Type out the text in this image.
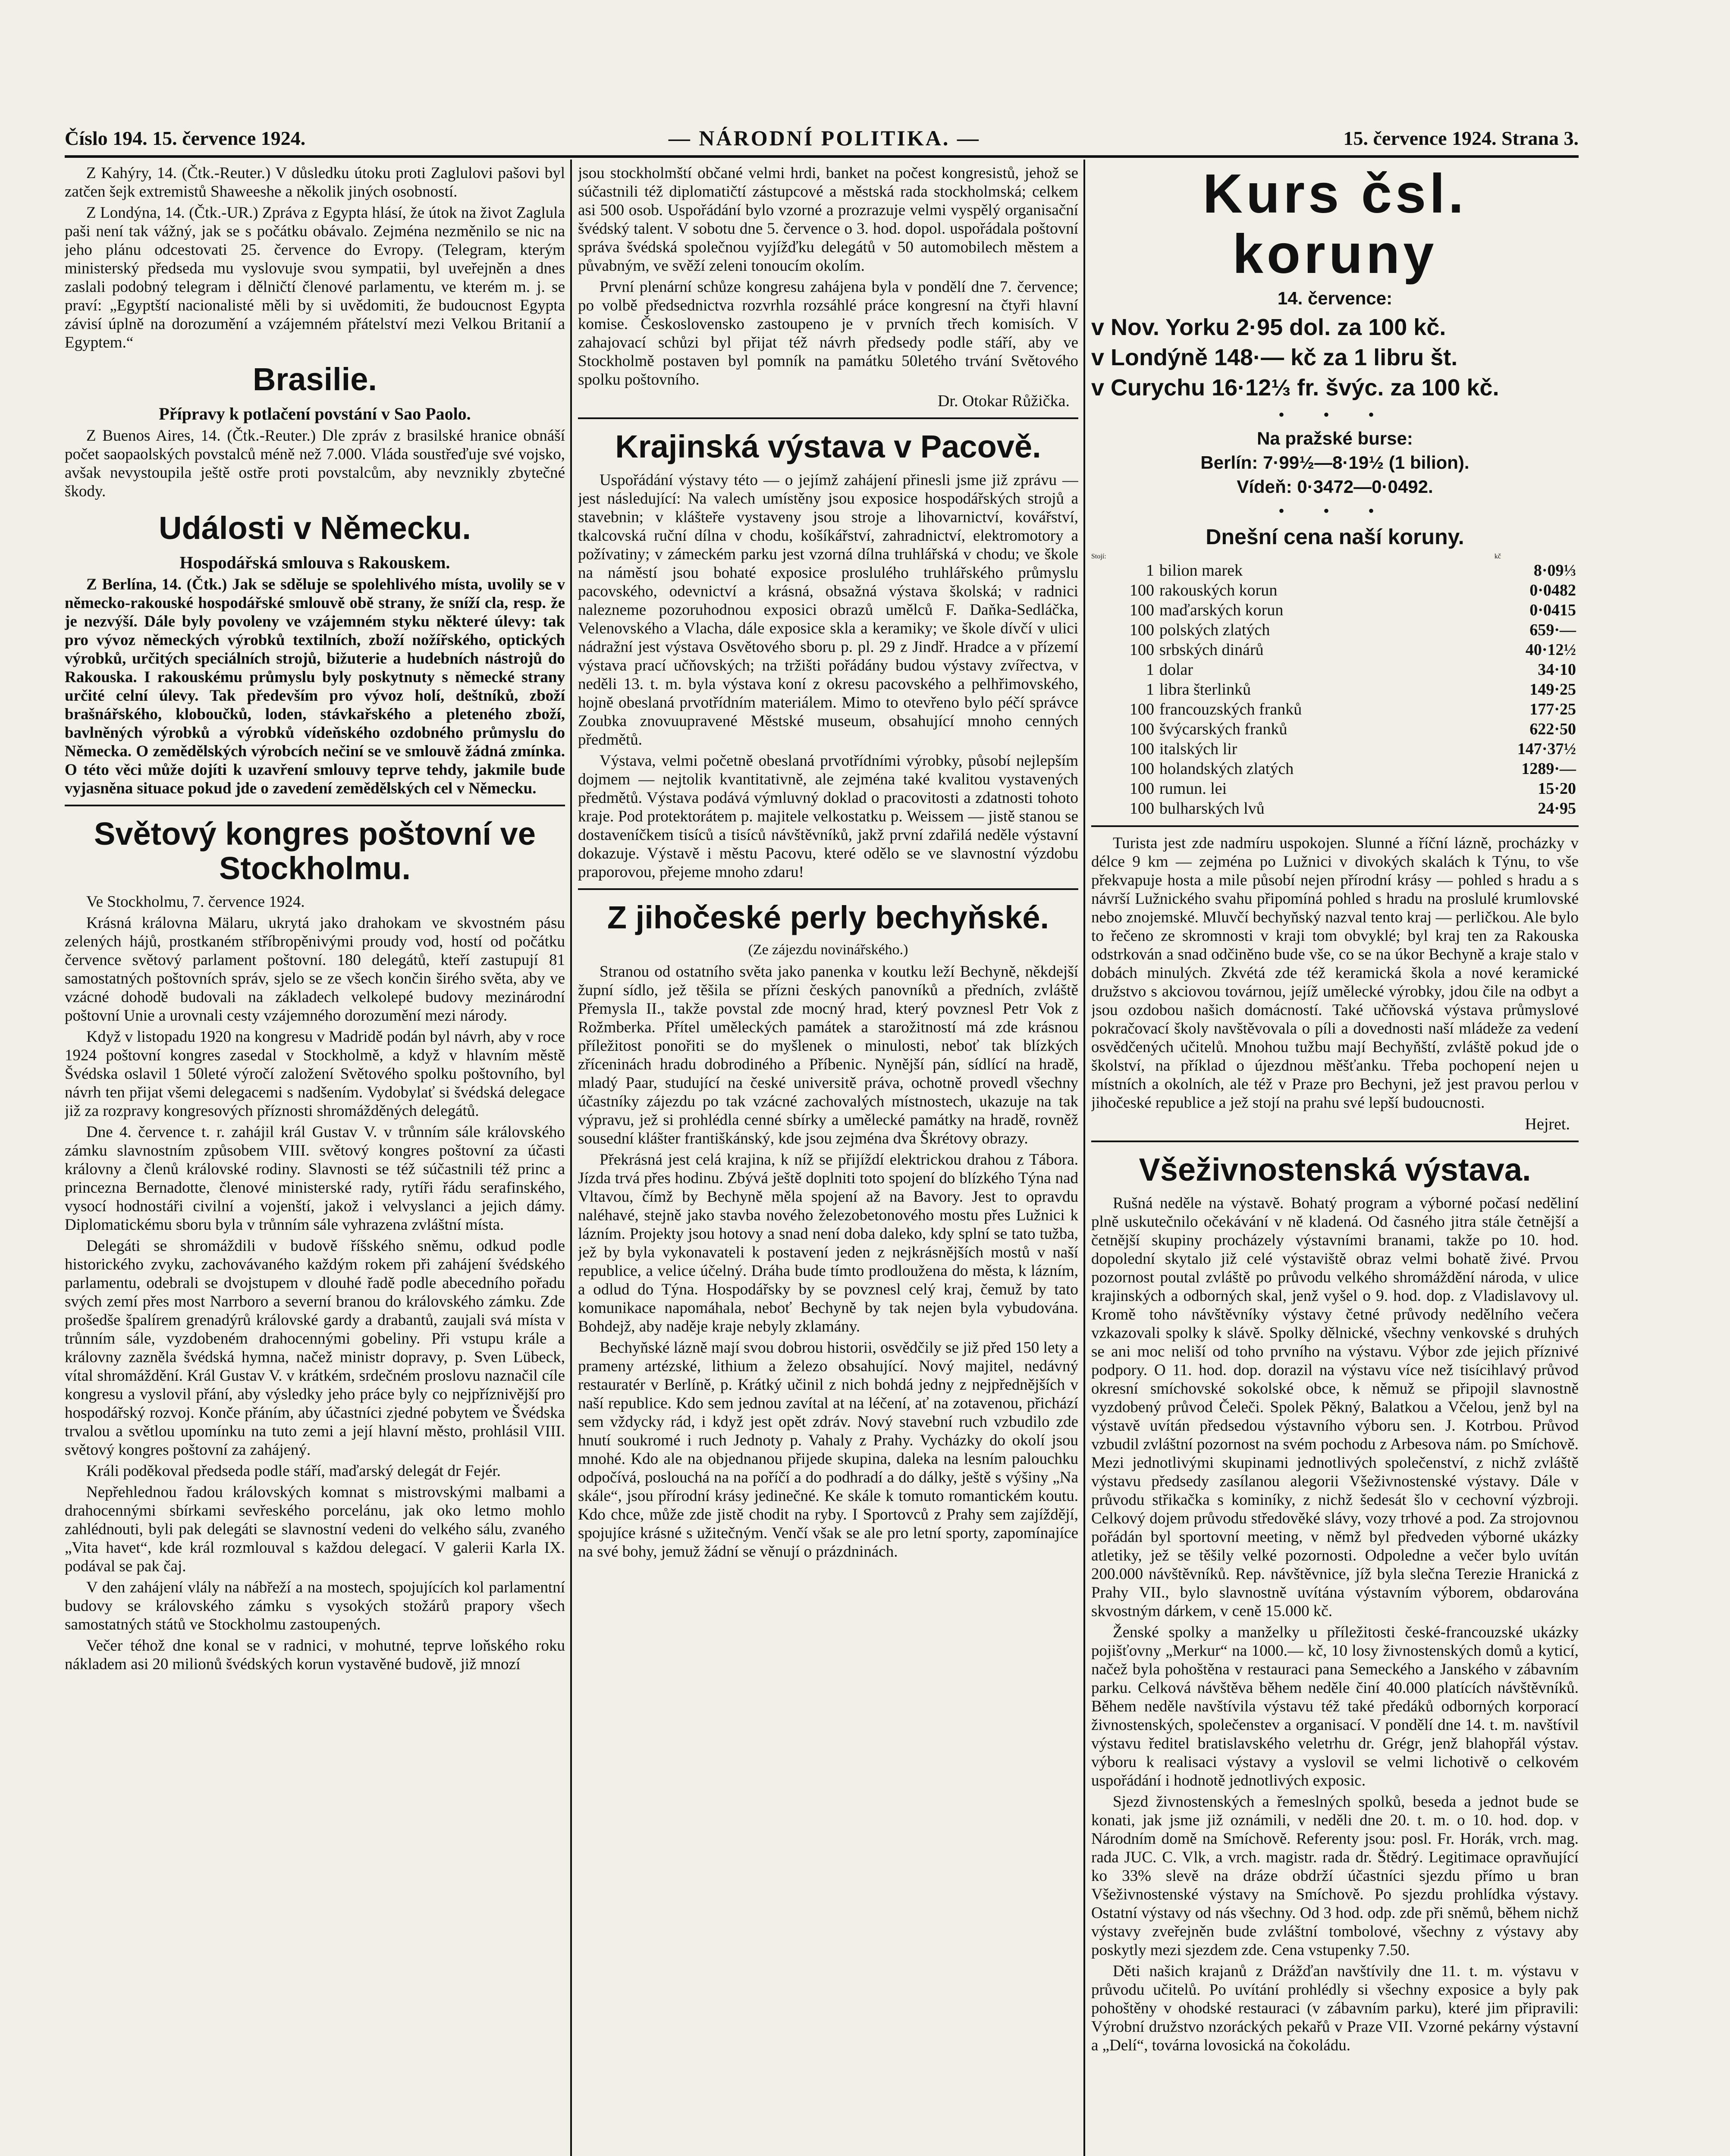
Číslo 194. 15. července 1924.	— NÁRODNÍ POLITIKA. —	15. července 1924. Strana 3.

Z Kahýry, 14. (Čtk.-Reuter.) V důsledku útoku proti Zaglulovi pašovi byl zatčen šejk extremistů Shaweeshe a několik jiných osobností.

Z Londýna, 14. (Čtk.-UR.) Zpráva z Egypta hlásí, že útok na život Zaglula paši není tak vážný, jak se s počátku obávalo. Zejména nezměnilo se nic na jeho plánu odcestovati 25. července do Evropy. (Telegram, kterým ministerský předseda mu vyslovuje svou sympatii, byl uveřejněn a dnes zaslali podobný telegram i dělničtí členové parlamentu, ve kterém m. j. se praví: „Egyptští nacionalisté měli by si uvědomiti, že budoucnost Egypta závisí úplně na dorozumění a vzájemném přátelství mezi Velkou Britanií a Egyptem.“

Brasilie.
Přípravy k potlačení povstání v Sao Paolo.

Z Buenos Aires, 14. (Čtk.-Reuter.) Dle zpráv z brasilské hranice obnáší počet saopaolských povstalců méně než 7.000. Vláda soustřeďuje své vojsko, avšak nevystoupila ještě ostře proti povstalcům, aby nevznikly zbytečné škody.

Události v Německu.
Hospodářská smlouva s Rakouskem.

Z Berlína, 14. (Čtk.) Jak se sděluje se spolehlivého místa, uvolily se v německo-rakouské hospodářské smlouvě obě strany, že sníží cla, resp. že je nezvýší. Dále byly povoleny ve vzájemném styku některé úlevy: tak pro vývoz německých výrobků textilních, zboží nožířského, optických výrobků, určitých speciálních strojů, bižuterie a hudebních nástrojů do Rakouska. I rakouskému průmyslu byly poskytnuty s německé strany určité celní úlevy. Tak především pro vývoz holí, deštníků, zboží brašnářského, kloboučků, loden, stávkařského a pleteného zboží, bavlněných výrobků a výrobků vídeňského ozdobného průmyslu do Německa. O zemědělských výrobcích nečiní se ve smlouvě žádná zmínka. O této věci může dojíti k uzavření smlouvy teprve tehdy, jakmile bude vyjasněna situace pokud jde o zavedení zemědělských cel v Německu.

Světový kongres poštovní ve Stockholmu.

Ve Stockholmu, 7. července 1924.

Krásná královna Mälaru, ukrytá jako drahokam ve skvostném pásu zelených hájů, prostkaném stříbropěnivými proudy vod, hostí od počátku července světový parlament poštovní. 180 delegátů, kteří zastupují 81 samostatných poštovních správ, sjelo se ze všech končin širého světa, aby ve vzácné dohodě budovali na základech velkolepé budovy mezinárodní poštovní Unie a urovnali cesty vzájemného dorozumění mezi národy.

Když v listopadu 1920 na kongresu v Madridě podán byl návrh, aby v roce 1924 poštovní kongres zasedal v Stockholmě, a když v hlavním městě Švédska oslavil 1 50leté výročí založení Světového spolku poštovního, byl návrh ten přijat všemi delegacemi s nadšením. Vydobylať si švédská delegace již za rozpravy kongresových příznosti shromážděných delegátů.

Dne 4. července t. r. zahájil král Gustav V. v trůnním sále královského zámku slavnostním způsobem VIII. světový kongres poštovní za účasti královny a členů královské rodiny. Slavnosti se též súčastnili též princ a princezna Bernadotte, členové ministerské rady, rytíři řádu serafinského, vysocí hodnostáři civilní a vojenští, jakož i velvyslanci a jejich dámy. Diplomatickému sboru byla v trůnním sále vyhrazena zvláštní místa.

Delegáti se shromáždili v budově říšského sněmu, odkud podle historického zvyku, zachovávaného každým rokem při zahájení švédského parlamentu, odebrali se dvojstupem v dlouhé řadě podle abecedního pořadu svých zemí přes most Narrboro a severní branou do královského zámku. Zde prošedše špalírem grenadýrů královské gardy a drabantů, zaujali svá místa v trůnním sále, vyzdobeném drahocennými gobeliny. Při vstupu krále a královny zazněla švédská hymna, načež ministr dopravy, p. Sven Lübeck, vítal shromáždění. Král Gustav V. v krátkém, srdečném proslovu naznačil cíle kongresu a vyslovil přání, aby výsledky jeho práce byly co nejpříznivější pro hospodářský rozvoj. Konče přáním, aby účastníci zjedné pobytem ve Švédska trvalou a světlou upomínku na tuto zemi a její hlavní město, prohlásil VIII. světový kongres poštovní za zahájený.

Králi poděkoval předseda podle stáří, maďarský delegát dr Fejér.

Nepřehlednou řadou královských komnat s mistrovskými malbami a drahocennými sbírkami sevřeského porcelánu, jak oko letmo mohlo zahlédnouti, byli pak delegáti se slavnostní vedeni do velkého sálu, zvaného „Vita havet“, kde král rozmlouval s každou delegací. V galerii Karla IX. podával se pak čaj.

V den zahájení vlály na nábřeží a na mostech, spojujících kol parlamentní budovy se královského zámku s vysokých stožárů prapory všech samostatných států ve Stockholmu zastoupených.

Večer téhož dne konal se v radnici, v mohutné, teprve loňského roku nákladem asi 20 milionů švédských korun vystavěné budově, již mnozí

jsou stockholmští občané velmi hrdi, banket na počest kongresistů, jehož se súčastnili též diplomatičtí zástupcové a městská rada stockholmská; celkem asi 500 osob. Uspořádání bylo vzorné a prozrazuje velmi vyspělý organisační švédský talent. V sobotu dne 5. července o 3. hod. dopol. uspořádala poštovní správa švédská společnou vyjížďku delegátů v 50 automobilech městem a půvabným, ve svěží zeleni tonoucím okolím.

První plenární schůze kongresu zahájena byla v pondělí dne 7. července; po volbě předsednictva rozvrhla rozsáhlé práce kongresní na čtyři hlavní komise. Československo zastoupeno je v prvních třech komisích. V zahajovací schůzi byl přijat též návrh předsedy podle stáří, aby ve Stockholmě postaven byl pomník na památku 50letého trvání Světového spolku poštovního.

Dr. Otokar Růžička.
Krajinská výstava v Pacově.

Uspořádání výstavy této — o jejímž zahájení přinesli jsme již zprávu — jest následující: Na valech umístěny jsou exposice hospodářských strojů a stavebnin; v klášteře vystaveny jsou stroje a lihovarnictví, kovářství, tkalcovská ruční dílna v chodu, košíkářství, zahradnictví, elektromotory a požívatiny; v zámeckém parku jest vzorná dílna truhlářská v chodu; ve škole na náměstí jsou bohaté exposice proslulého truhlářského průmyslu pacovského, odevnictví a krásná, obsažná výstava školská; v radnici nalezneme pozoruhodnou exposici obrazů umělců F. Daňka-Sedláčka, Velenovského a Vlacha, dále exposice skla a keramiky; ve škole dívčí v ulici nádražní jest výstava Osvětového sboru p. pl. 29 z Jindř. Hradce a v přízemí výstava prací učňovských; na tržišti pořádány budou výstavy zvířectva, v neděli 13. t. m. byla výstava koní z okresu pacovského a pelhřimovského, hojně obeslaná prvotřídním materiálem. Mimo to otevřeno bylo péčí správce Zoubka znovuupravené Městské museum, obsahující mnoho cenných předmětů.

Výstava, velmi početně obeslaná prvotřídními výrobky, působí nejlepším dojmem — nejtolik kvantitativně, ale zejména také kvalitou vystavených předmětů. Výstava podává výmluvný doklad o pracovitosti a zdatnosti tohoto kraje. Pod protektorátem p. majitele velkostatku p. Weissem — jistě stanou se dostaveníčkem tisíců a tisíců návštěvníků, jakž první zdařilá neděle výstavní dokazuje. Výstavě i městu Pacovu, které odělo se ve slavnostní výzdobu praporovou, přejeme mnoho zdaru!

Z jihočeské perly bechyňské.
(Ze zájezdu novinářského.)

Stranou od ostatního světa jako panenka v koutku leží Bechyně, někdejší župní sídlo, jež těšila se přízni českých panovníků a předních, zvláště Přemysla II., takže povstal zde mocný hrad, který povznesl Petr Vok z Rožmberka. Přítel uměleckých památek a starožitností má zde krásnou příležitost ponořiti se do myšlenek o minulosti, neboť tak blízkých zříceninách hradu dobrodiného a Příbenic. Nynější pán, sídlící na hradě, mladý Paar, studující na české universitě práva, ochotně provedl všechny účastníky zájezdu po tak vzácné zachovalých místnostech, ukazuje na tak výpravu, jež si prohlédla cenné sbírky a umělecké památky na hradě, rovněž sousední klášter františkánský, kde jsou zejména dva Škrétovy obrazy.

Překrásná jest celá krajina, k níž se přijíždí elektrickou drahou z Tábora. Jízda trvá přes hodinu. Zbývá ještě doplniti toto spojení do blízkého Týna nad Vltavou, čímž by Bechyně měla spojení až na Bavory. Jest to opravdu naléhavé, stejně jako stavba nového železobetonového mostu přes Lužnici k lázním. Projekty jsou hotovy a snad není doba daleko, kdy splní se tato tužba, jež by byla vykonavateli k postavení jeden z nejkrásnějších mostů v naší republice, a velice účelný. Dráha bude tímto prodloužena do města, k lázním, a odlud do Týna. Hospodářsky by se povznesl celý kraj, čemuž by tato komunikace napomáhala, neboť Bechyně by tak nejen byla vybudována. Bohdejž, aby naděje kraje nebyly zklamány.

Bechyňské lázně mají svou dobrou historii, osvědčily se již před 150 lety a prameny artézské, lithium a železo obsahující. Nový majitel, nedávný restauratér v Berlíně, p. Krátký učinil z nich bohdá jedny z nejpřednějších v naší republice. Kdo sem jednou zavítal at na léčení, ať na zotavenou, přichází sem vždycky rád, i když jest opět zdráv. Nový stavební ruch vzbudilo zde hnutí soukromé i ruch Jednoty p. Vahaly z Prahy. Vycházky do okolí jsou mnohé. Kdo ale na objednanou přijede skupina, daleka na lesním palouchku odpočívá, poslouchá na na poříčí a do podhradí a do dálky, ještě s výšiny „Na skále“, jsou přírodní krásy jedinečné. Ke skále k tomuto romantickém koutu. Kdo chce, může zde jistě chodit na ryby. I Sportovců z Prahy sem zajíždějí, spojujíce krásné s užitečným. Venčí však se ale pro letní sporty, zapomínajíce na své bohy, jemuž žádní se věnují o prázdninách.

Kurs čsl. koruny
14. července:
v Nov. Yorku 2·95 dol. za 100 kč.
v Londýně 148·— kč za 1 libru št.
v Curychu 16·12⅓ fr. švýc. za 100 kč.
• • •
Na pražské burse:
Berlín: 7·99½—8·19½ (1 bilion).
Vídeň: 0·3472—0·0492.
• • •
Dnešní cena naší koruny.
Stojí:	kč
1	bilion marek	8·09⅓
100	rakouských korun	0·0482
100	maďarských korun	0·0415
100	polských zlatých	659·—
100	srbských dinárů	40·12½
1	dolar	34·10
1	libra šterlinků	149·25
100	francouzských franků	177·25
100	švýcarských franků	622·50
100	italských lir	147·37½
100	holandských zlatých	1289·—
100	rumun. lei	15·20
100	bulharských lvů	24·95

Turista jest zde nadmíru uspokojen. Slunné a říční lázně, procházky v délce 9 km — zejména po Lužnici v divokých skalách k Týnu, to vše překvapuje hosta a mile působí nejen přírodní krásy — pohled s hradu a s návrší Lužnického svahu připomíná pohled s hradu na proslulé krumlovské nebo znojemské. Mluvčí bechyňský nazval tento kraj — perličkou. Ale bylo to řečeno ze skromnosti v kraji tom obvyklé; byl kraj ten za Rakouska odstrkován a snad odčiněno bude vše, co se na úkor Bechyně a kraje stalo v dobách minulých. Zkvétá zde též keramická škola a nové keramické družstvo s akciovou továrnou, jejíž umělecké výrobky, jdou čile na odbyt a jsou ozdobou našich domácností. Také učňovská výstava průmyslové pokračovací školy navštěvovala o píli a dovednosti naší mládeže za vedení osvědčených učitelů. Mnohou tužbu mají Bechyňští, zvláště pokud jde o školství, na příklad o újezdnou měšťanku. Třeba pochopení nejen u místních a okolních, ale též v Praze pro Bechyni, jež jest pravou perlou v jihočeské republice a jež stojí na prahu své lepší budoucnosti.

Hejret.
Všeživnostenská výstava.

Rušná neděle na výstavě. Bohatý program a výborné počasí neděliní plně uskutečnilo očekávání v ně kladená. Od časného jitra stále četnější a četnější skupiny procházely výstavními branami, takže po 10. hod. dopolední skytalo již celé výstaviště obraz velmi bohatě živé. Prvou pozornost poutal zvláště po průvodu velkého shromáždění národa, v ulice krajinských a odborných skal, jenž vyšel o 9. hod. dop. z Vladislavovy ul. Kromě toho návštěvníky výstavy četné průvody nedělního večera vzkazovali spolky k slávě. Spolky dělnické, všechny venkovské s druhých se ani moc neliší od toho prvního na výstavu. Výbor zde jejich příznivé podpory. O 11. hod. dop. dorazil na výstavu více než tisícihlavý průvod okresní smíchovské sokolské obce, k němuž se připojil slavnostně vyzdobený průvod Čeleči. Spolek Pěkný, Balatkou a Včelou, jenž byl na výstavě uvítán předsedou výstavního výboru sen. J. Kotrbou. Průvod vzbudil zvláštní pozornost na svém pochodu z Arbesova nám. po Smíchově. Mezi jednotlivými skupinami jednotlivých společenství, z nichž zvláště výstavu předsedy zasílanou alegorii Všeživnostenské výstavy. Dále v průvodu střikačka s kominíky, z nichž šedesát šlo v cechovní výzbroji. Celkový dojem průvodu středověké slávy, vozy trhové a pod. Za strojovnou pořádán byl sportovní meeting, v němž byl předveden výborné ukázky atletiky, jež se těšily velké pozornosti. Odpoledne a večer bylo uvítán 200.000 návštěvníků. Rep. návštěvnice, jíž byla slečna Terezie Hranická z Prahy VII., bylo slavnostně uvítána výstavním výborem, obdarována skvostným dárkem, v ceně 15.000 kč.

Ženské spolky a manželky u příležitosti české-francouzské ukázky pojišťovny „Merkur“ na 1000.— kč, 10 losy živnostenských domů a kyticí, načež byla pohoštěna v restauraci pana Semeckého a Janského v zábavním parku. Celková návštěva během neděle činí 40.000 platících návštěvníků. Během neděle navštívila výstavu též také předáků odborných korporací živnostenských, společenstev a organisací. V pondělí dne 14. t. m. navštívil výstavu ředitel bratislavského veletrhu dr. Grégr, jenž blahopřál výstav. výboru k realisaci výstavy a vyslovil se velmi lichotivě o celkovém uspořádání i hodnotě jednotlivých exposic.

Sjezd živnostenských a řemeslných spolků, beseda a jednot bude se konati, jak jsme již oznámili, v neděli dne 20. t. m. o 10. hod. dop. v Národním domě na Smíchově. Referenty jsou: posl. Fr. Horák, vrch. mag. rada JUC. C. Vlk, a vrch. magistr. rada dr. Štědrý. Legitimace opravňující ko 33% slevě na dráze obdrží účastníci sjezdu přímo u bran Všeživnostenské výstavy na Smíchově. Po sjezdu prohlídka výstavy. Ostatní výstavy od nás všechny. Od 3 hod. odp. zde při sněmů, během nichž výstavy zveřejněn bude zvláštní tombolové, všechny z výstavy aby poskytly mezi sjezdem zde. Cena vstupenky 7.50.

Děti našich krajanů z Drážďan navštívily dne 11. t. m. výstavu v průvodu učitelů. Po uvítání prohlédly si všechny exposice a byly pak pohoštěny v ohodské restauraci (v zábavním parku), které jim připravili: Výrobní družstvo nzoráckých pekařů v Praze VII. Vzorné pekárny výstavní a „Delí“, továrna lovosická na čokoládu.
